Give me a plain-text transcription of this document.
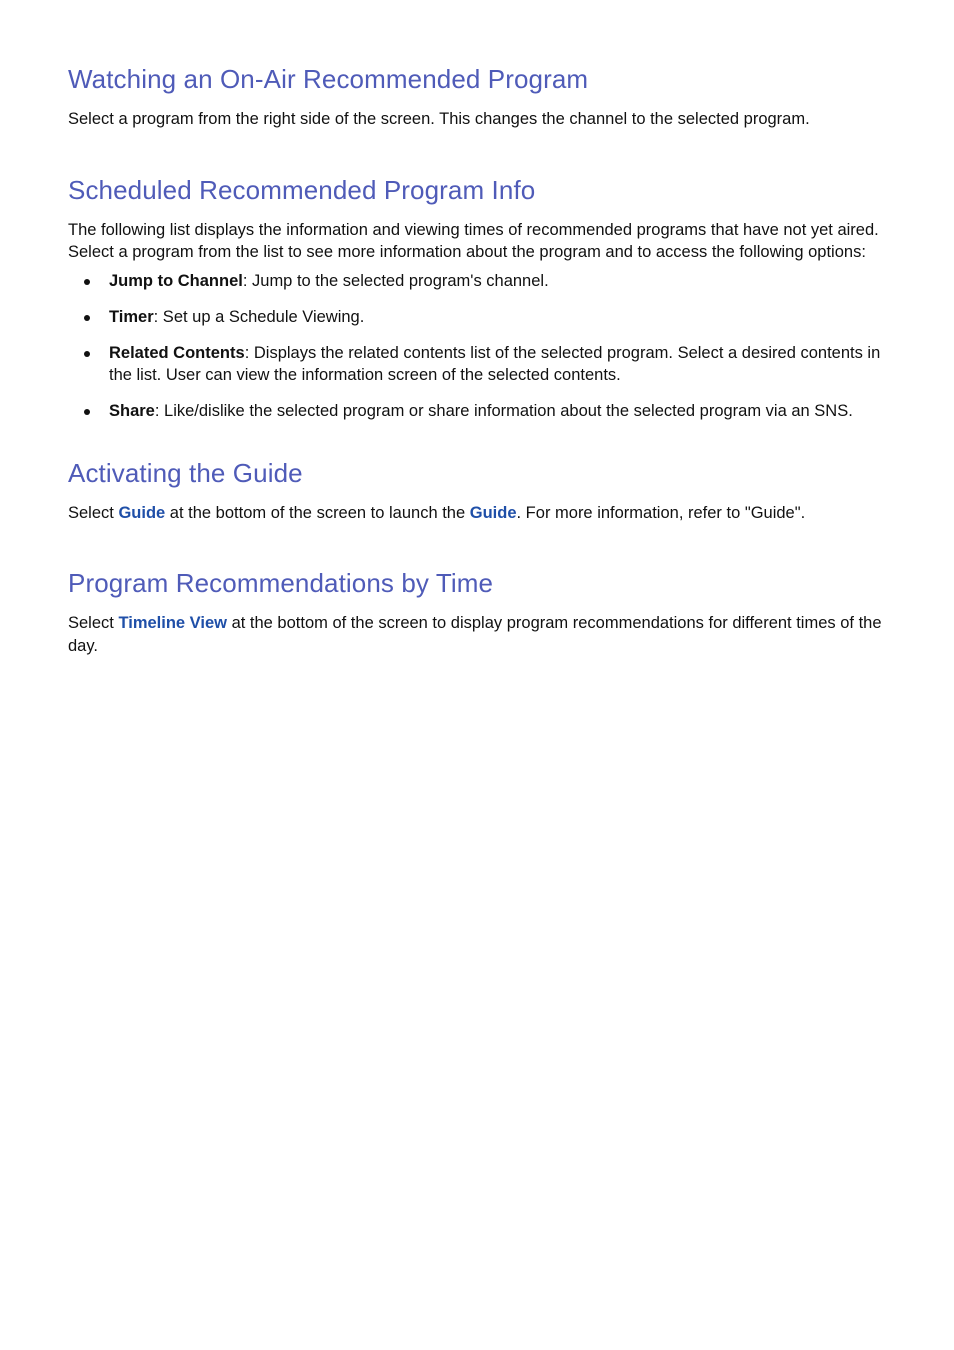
Watching an On-Air Recommended Program

Select a program from the right side of the screen. This changes the channel to the selected program.

Scheduled Recommended Program Info

The following list displays the information and viewing times of recommended programs that have not yet aired. Select a program from the list to see more information about the program and to access the following options:

Jump to Channel: Jump to the selected program's channel.
Timer: Set up a Schedule Viewing.
Related Contents: Displays the related contents list of the selected program. Select a desired contents in the list. User can view the information screen of the selected contents.
Share: Like/dislike the selected program or share information about the selected program via an SNS.
Activating the Guide

Select Guide at the bottom of the screen to launch the Guide. For more information, refer to "Guide".

Program Recommendations by Time

Select Timeline View at the bottom of the screen to display program recommendations for different times of the day.
